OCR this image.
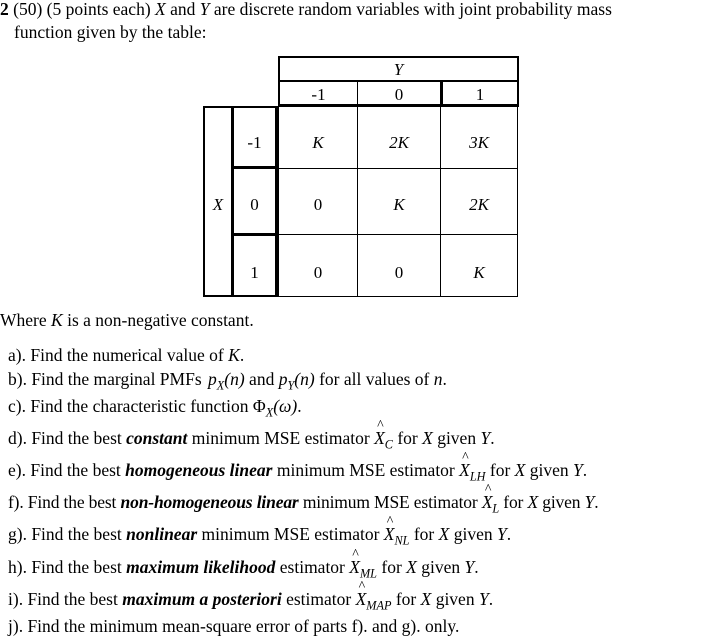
2 (50) (5 points each) X and Y are discrete random variables with joint probability mass
function given by the table:
Y
-1	0	1
X
-1
0
1
K	2K	3K
0	K	2K
0	0	K
Where K is a non-negative constant.
a). Find the numerical value of K.
b). Find the marginal PMFs $p_X(n)$ and $p_Y(n)$ for all values of n.
c). Find the characteristic function $\Phi_X(\omega)$.
d). Find the best constant minimum MSE estimator ^ $X_C$ for X given Y.
e). Find the best homogeneous linear minimum MSE estimator ^ $X_{LH}$ for X given Y.
f). Find the best non-homogeneous linear minimum MSE estimator ^ $X_L$ for X given Y.
g). Find the best nonlinear minimum MSE estimator ^ $X_{NL}$ for X given Y.
h). Find the best maximum likelihood estimator ^ $X_{ML}$ for X given Y.
i). Find the best maximum a posteriori estimator ^ $X_{MAP}$ for X given Y.
j). Find the minimum mean-square error of parts f). and g). only.
